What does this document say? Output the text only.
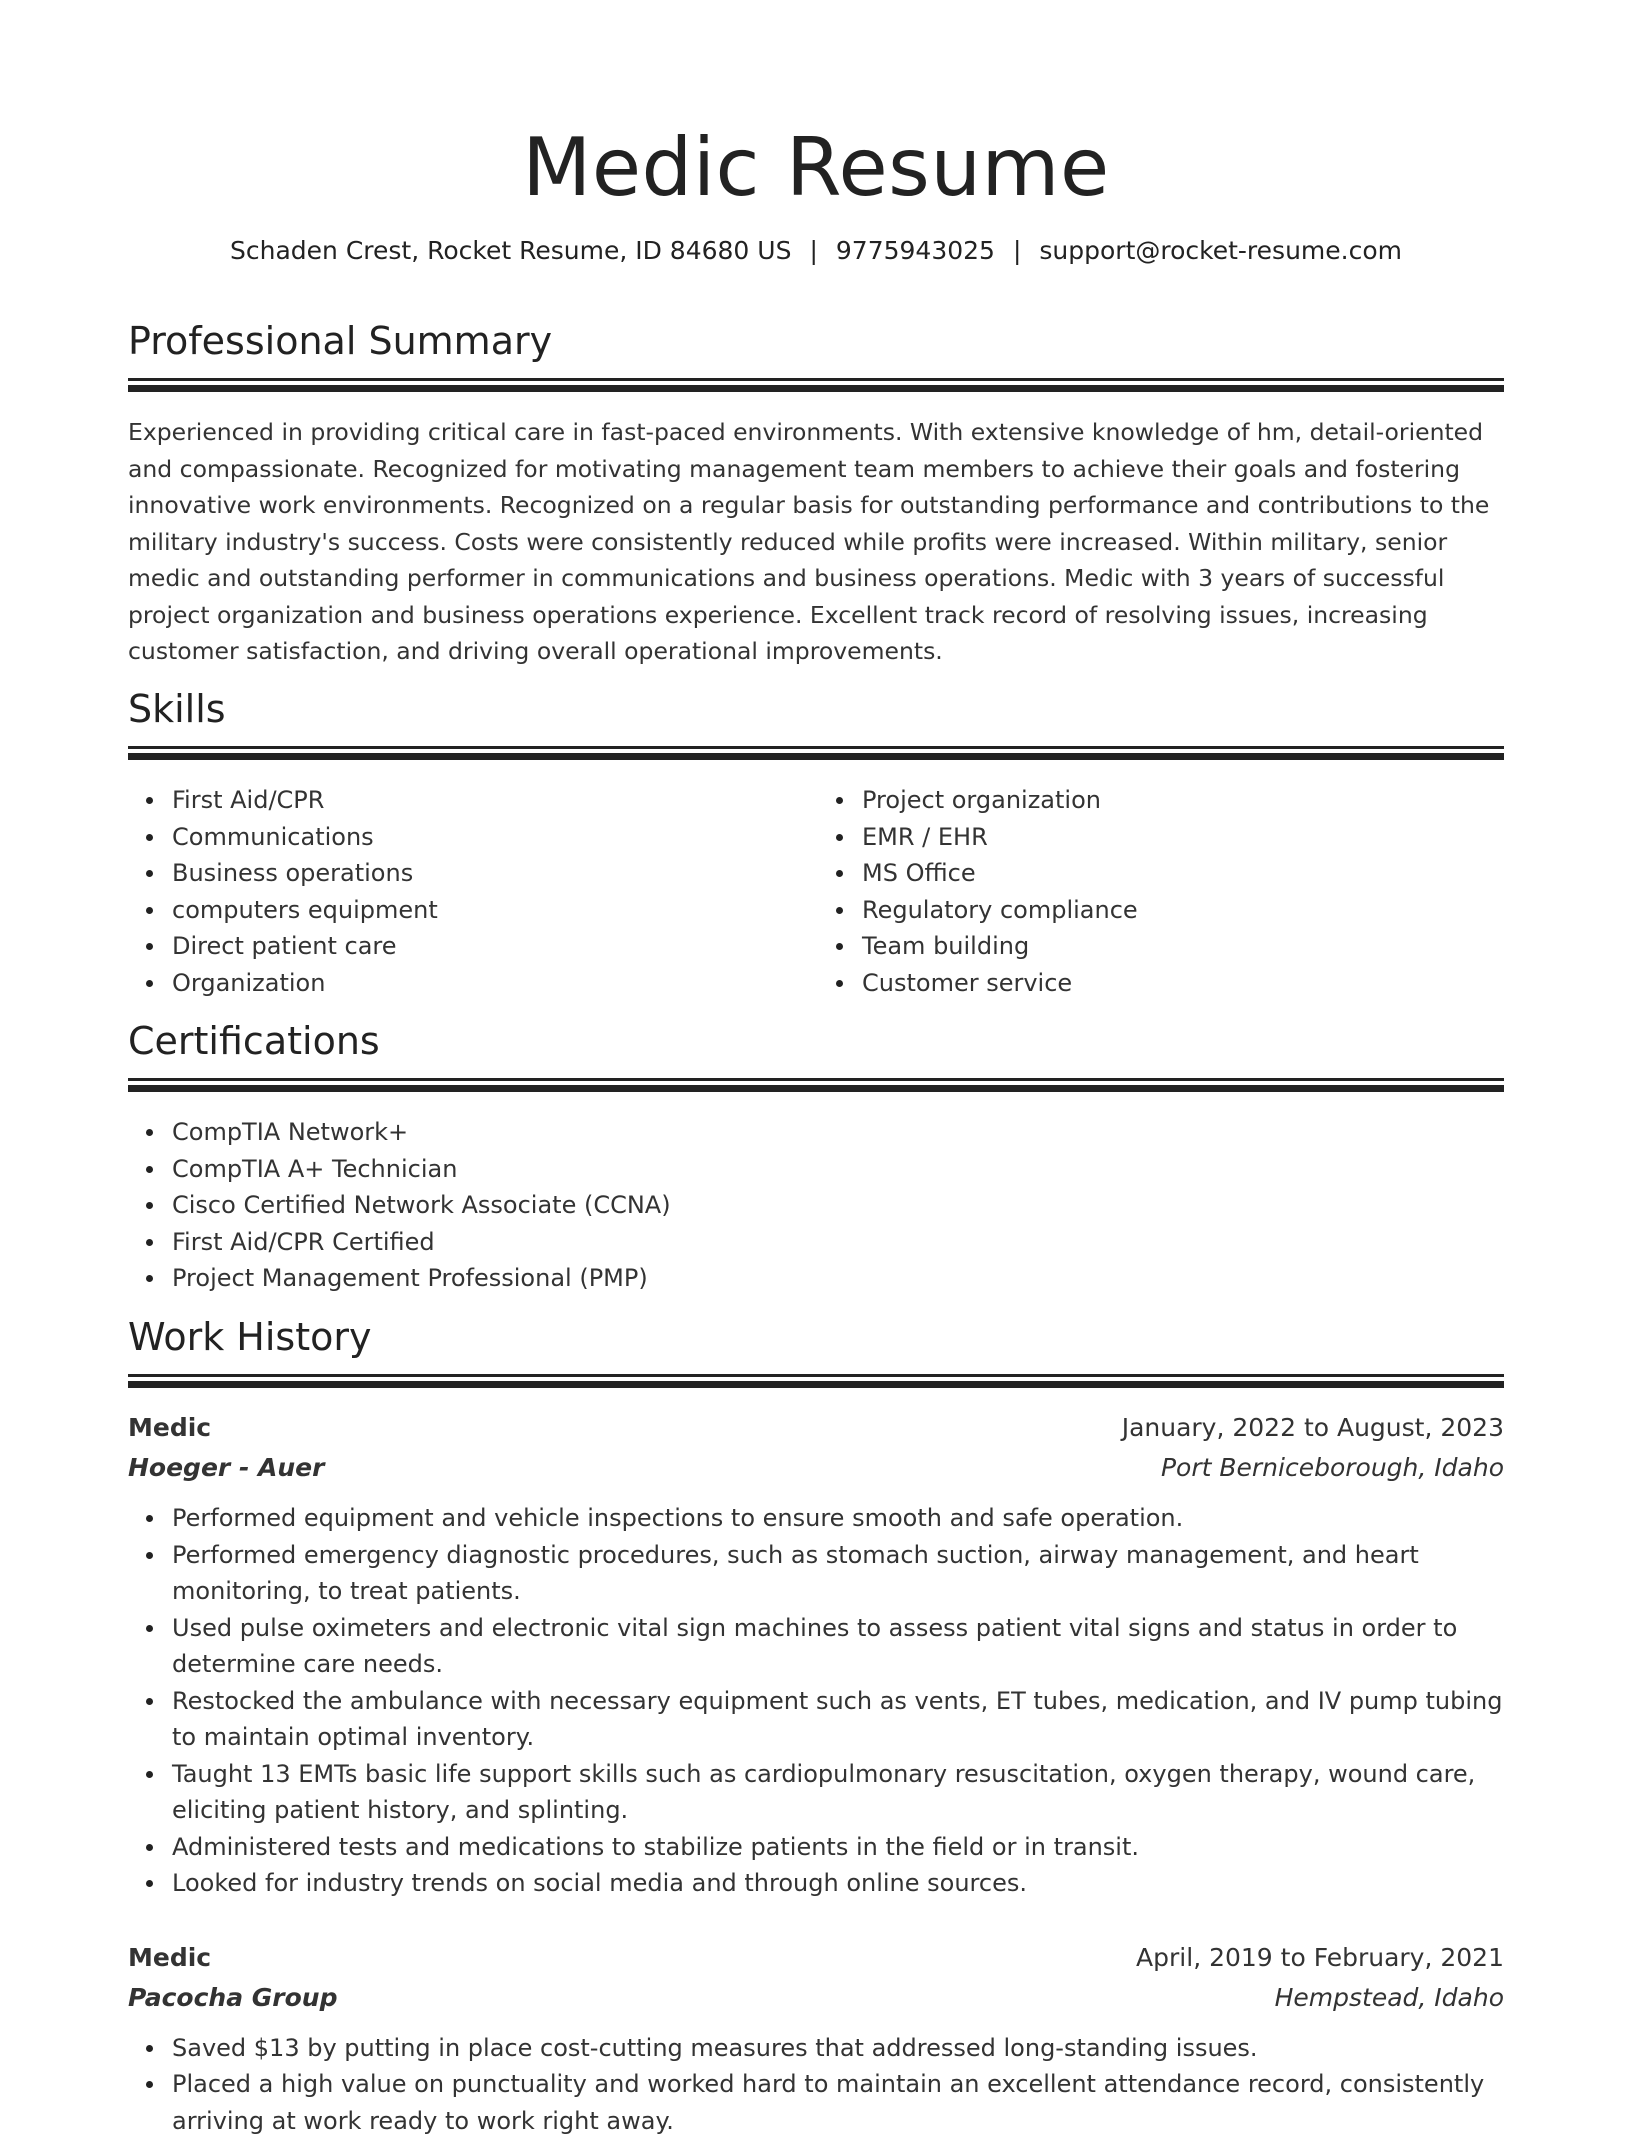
Medic Resume
Schaden Crest, Rocket Resume, ID 84680 US | 9775943025 | support@rocket-resume.com
Professional Summary

Experienced in providing critical care in fast-paced environments. With extensive knowledge of hm, detail-oriented and compassionate. Recognized for motivating management team members to achieve their goals and fostering innovative work environments. Recognized on a regular basis for outstanding performance and contributions to the military industry's success. Costs were consistently reduced while profits were increased. Within military, senior medic and outstanding performer in communications and business operations. Medic with 3 years of successful project organization and business operations experience. Excellent track record of resolving issues, increasing customer satisfaction, and driving overall operational improvements.

Skills
First Aid/CPR
Communications
Business operations
computers equipment
Direct patient care
Organization
Project organization
EMR / EHR
MS Office
Regulatory compliance
Team building
Customer service
Certifications
CompTIA Network+
CompTIA A+ Technician
Cisco Certified Network Associate (CCNA)
First Aid/CPR Certified
Project Management Professional (PMP)
Work History
Medic	January, 2022 to August, 2023
Hoeger - Auer	Port Berniceborough, Idaho
Performed equipment and vehicle inspections to ensure smooth and safe operation.
Performed emergency diagnostic procedures, such as stomach suction, airway management, and heart monitoring, to treat patients.
Used pulse oximeters and electronic vital sign machines to assess patient vital signs and status in order to determine care needs.
Restocked the ambulance with necessary equipment such as vents, ET tubes, medication, and IV pump tubing to maintain optimal inventory.
Taught 13 EMTs basic life support skills such as cardiopulmonary resuscitation, oxygen therapy, wound care, eliciting patient history, and splinting.
Administered tests and medications to stabilize patients in the field or in transit.
Looked for industry trends on social media and through online sources.
Medic	April, 2019 to February, 2021
Pacocha Group	Hempstead, Idaho
Saved $13 by putting in place cost-cutting measures that addressed long-standing issues.
Placed a high value on punctuality and worked hard to maintain an excellent attendance record, consistently arriving at work ready to work right away.
